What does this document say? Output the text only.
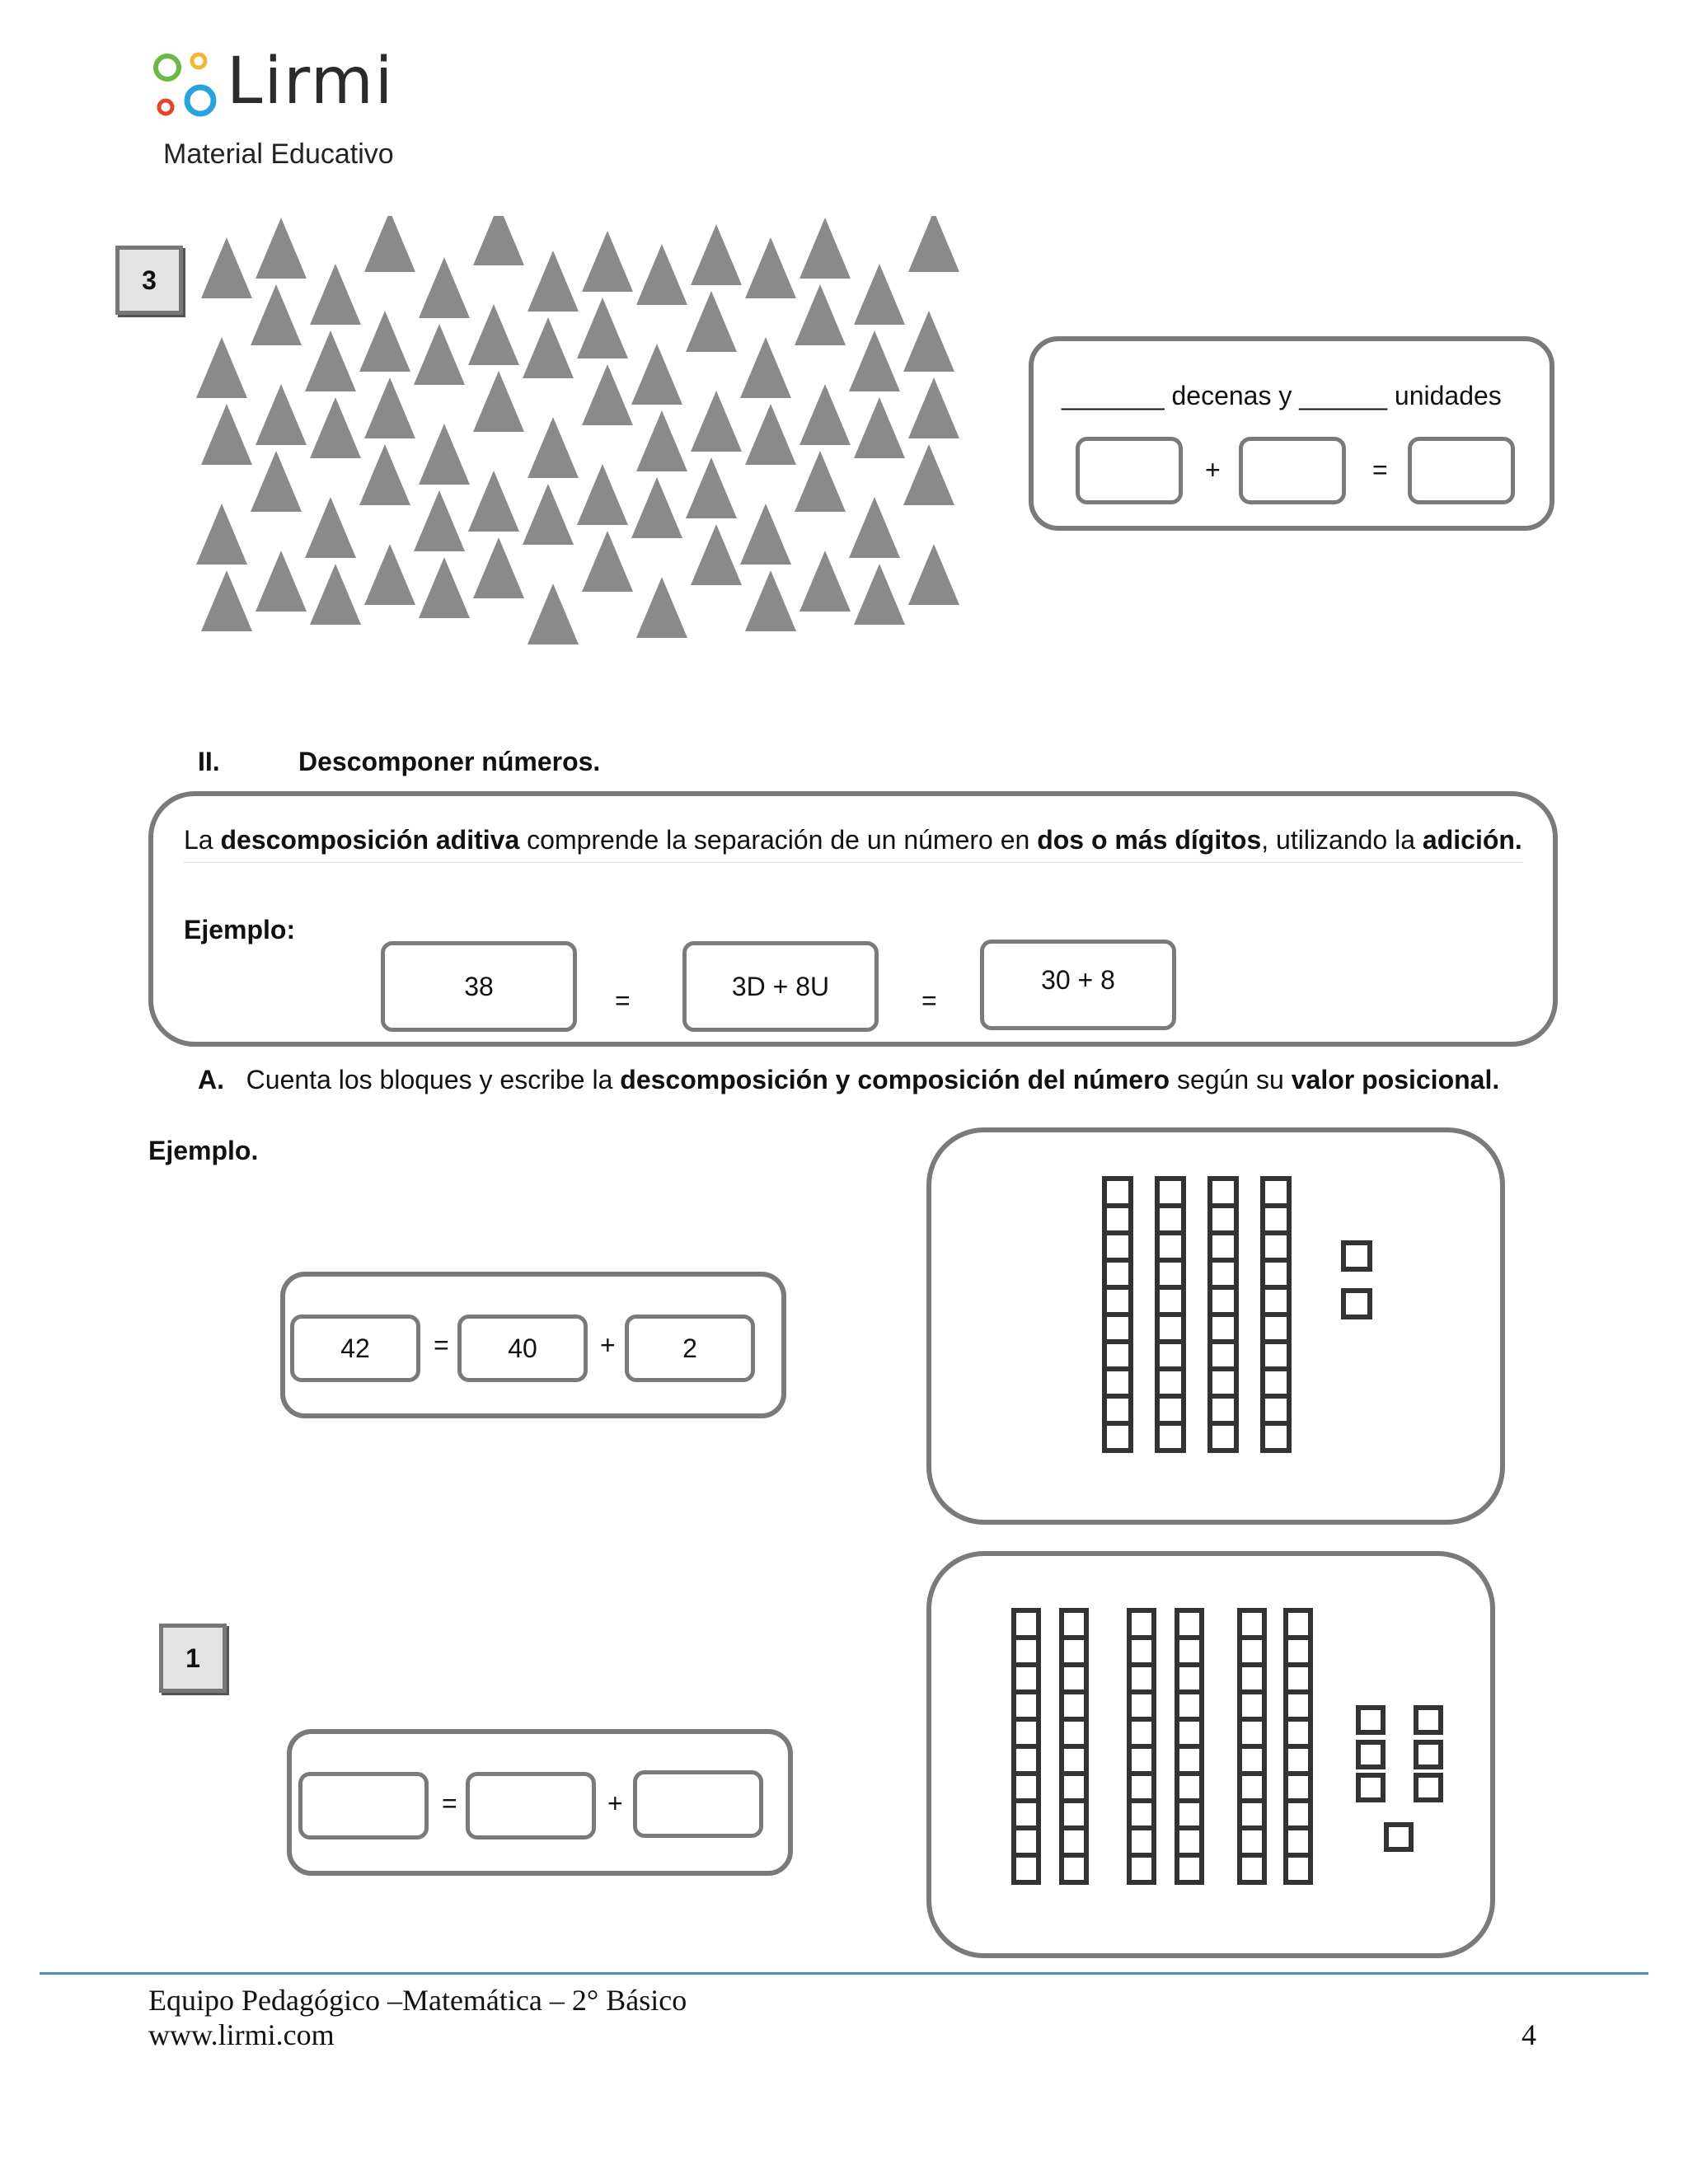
Lirmi
Material Educativo
3
_______ decenas y ______ unidades
+	=
II.	Descomponer números.
La descomposición aditiva comprende la separación de un número en dos o más dígitos, utilizando la adición.
Ejemplo:
38	=	3D + 8U	=
30 + 8
A. Cuenta los bloques y escribe la descomposición y composición del número según su valor posicional.
Ejemplo.
42	=	40	+	2
1
=	+
Equipo Pedagógico –Matemática – 2° Básico
www.lirmi.com	4
